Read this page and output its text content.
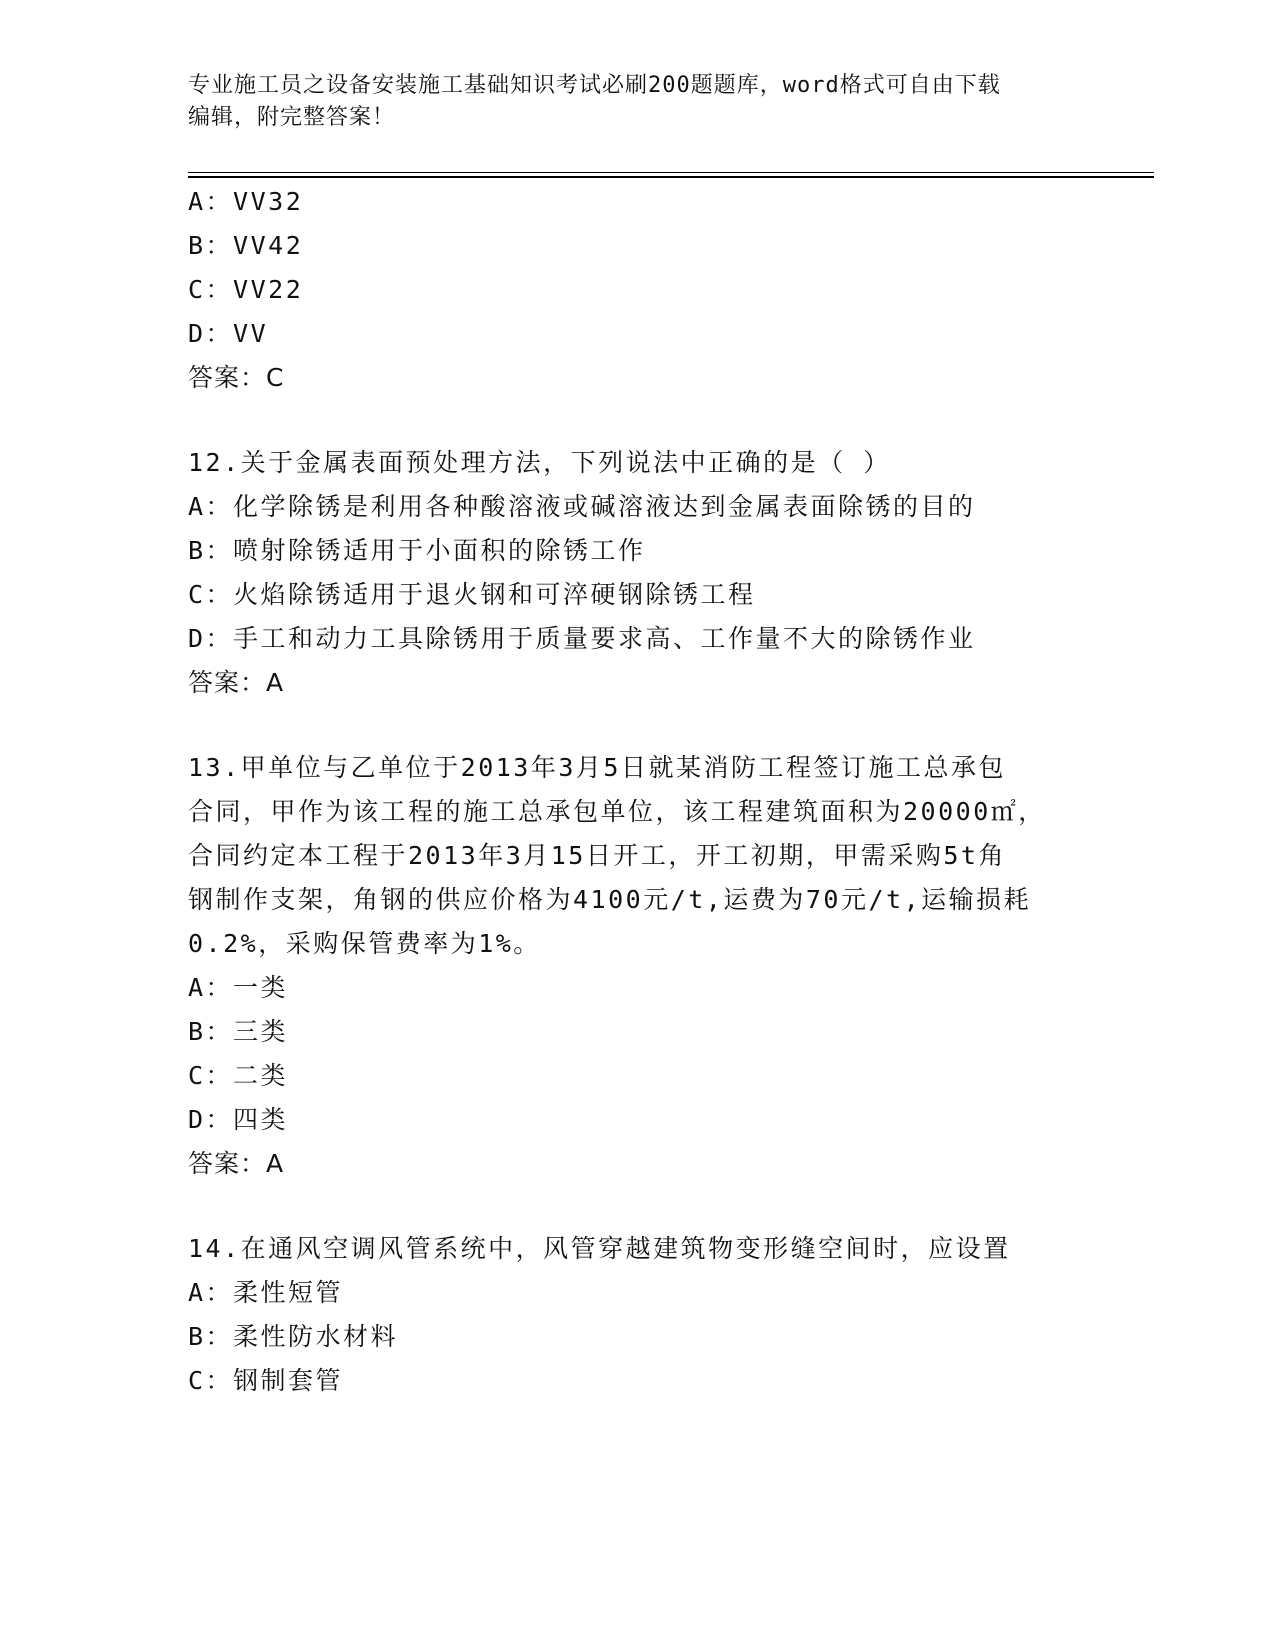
专业施工员之设备安装施工基础知识考试必刷200题题库，word格式可自由下载
编辑，附完整答案！
A：VV32
B：VV42
C：VV22
D：VV
答案：C
12.关于金属表面预处理方法，下列说法中正确的是（ ）
A：化学除锈是利用各种酸溶液或碱溶液达到金属表面除锈的目的
B：喷射除锈适用于小面积的除锈工作
C：火焰除锈适用于退火钢和可淬硬钢除锈工程
D：手工和动力工具除锈用于质量要求高、工作量不大的除锈作业
答案：A
13.甲单位与乙单位于2013年3月5日就某消防工程签订施工总承包
合同，甲作为该工程的施工总承包单位，该工程建筑面积为20000㎡，
合同约定本工程于2013年3月15日开工，开工初期，甲需采购5t角
钢制作支架，角钢的供应价格为4100元/t,运费为70元/t,运输损耗
0.2%，采购保管费率为1%。
A：一类
B：三类
C：二类
D：四类
答案：A
14.在通风空调风管系统中，风管穿越建筑物变形缝空间时，应设置
A：柔性短管
B：柔性防水材料
C：钢制套管
